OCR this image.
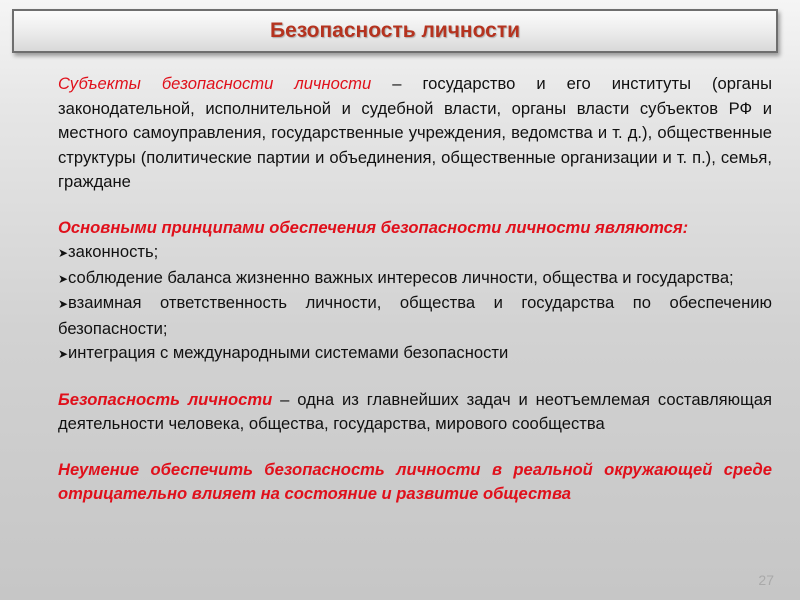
Безопасность личности

Субъекты безопасности личности – государство и его институты (органы законодательной, исполнительной и судебной власти, органы власти субъектов РФ и местного самоуправления, государственные учреждения, ведомства и т. д.), общественные структуры (политические партии и объединения, общественные организации и т. п.), семья, граждане

Основными принципами обеспечения безопасности личности являются:

➤законность;

➤соблюдение баланса жизненно важных интересов личности, общества и государства;

➤взаимная ответственность личности, общества и государства по обеспечению безопасности;

➤интеграция с международными системами безопасности

Безопасность личности – одна из главнейших задач и неотъемлемая составляющая деятельности человека, общества, государства, мирового сообщества

Неумение обеспечить безопасность личности в реальной окружающей среде отрицательно влияет на состояние и развитие общества

27
